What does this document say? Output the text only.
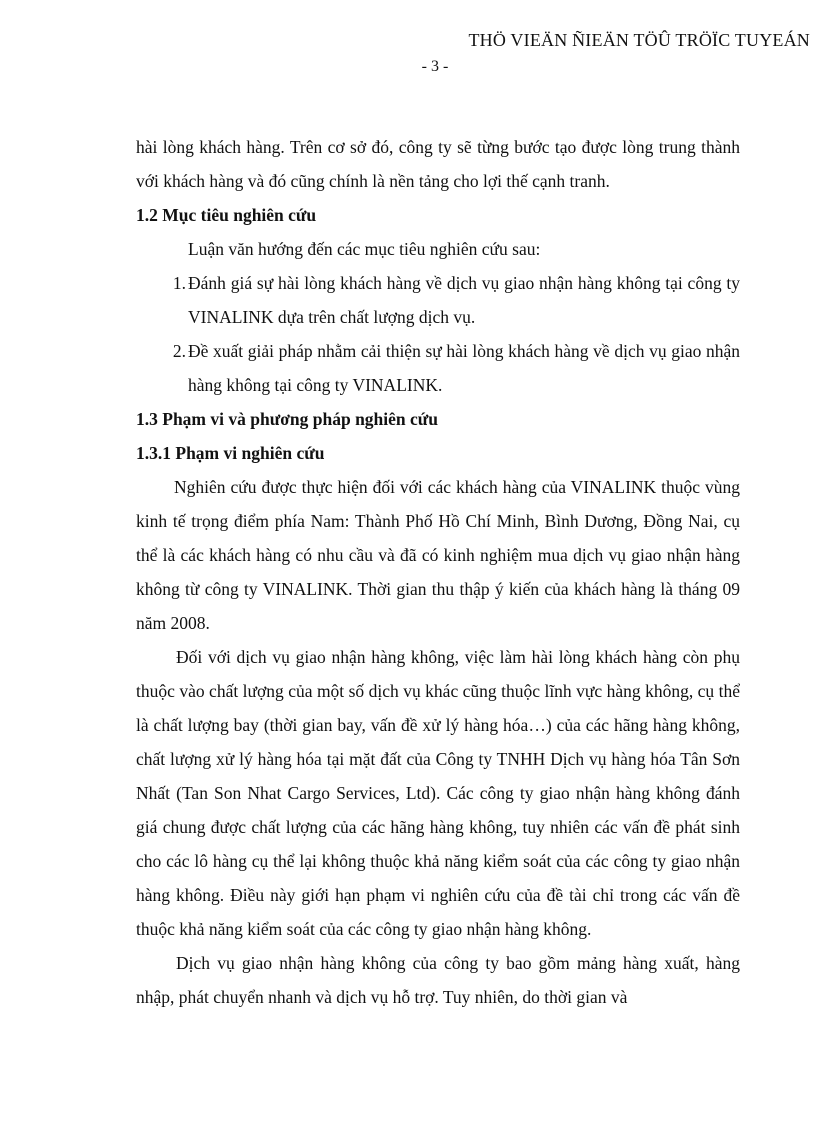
THÖ VIEÄN ÑIEÄN TÖÛ TRÖÏC TUYEÁN
- 3 -

hài lòng khách hàng. Trên cơ sở đó, công ty sẽ từng bước tạo được lòng trung thành với khách hàng và đó cũng chính là nền tảng cho lợi thế cạnh tranh.

1.2 Mục tiêu nghiên cứu

Luận văn hướng đến các mục tiêu nghiên cứu sau:

1. Đánh giá sự hài lòng khách hàng về dịch vụ giao nhận hàng không tại công ty VINALINK dựa trên chất lượng dịch vụ.
2. Đề xuất giải pháp nhằm cải thiện sự hài lòng khách hàng về dịch vụ giao nhận hàng không tại công ty VINALINK.

1.3 Phạm vi và phương pháp nghiên cứu

1.3.1 Phạm vi nghiên cứu

Nghiên cứu được thực hiện đối với các khách hàng của VINALINK thuộc vùng kinh tế trọng điểm phía Nam: Thành Phố Hồ Chí Minh, Bình Dương, Đồng Nai, cụ thể là các khách hàng có nhu cầu và đã có kinh nghiệm mua dịch vụ giao nhận hàng không từ công ty VINALINK. Thời gian thu thập ý kiến của khách hàng là tháng 09 năm 2008.

Đối với dịch vụ giao nhận hàng không, việc làm hài lòng khách hàng còn phụ thuộc vào chất lượng của một số dịch vụ khác cũng thuộc lĩnh vực hàng không, cụ thể là chất lượng bay (thời gian bay, vấn đề xử lý hàng hóa…) của các hãng hàng không, chất lượng xử lý hàng hóa tại mặt đất của Công ty TNHH Dịch vụ hàng hóa Tân Sơn Nhất (Tan Son Nhat Cargo Services, Ltd). Các công ty giao nhận hàng không đánh giá chung được chất lượng của các hãng hàng không, tuy nhiên các vấn đề phát sinh cho các lô hàng cụ thể lại không thuộc khả năng kiểm soát của các công ty giao nhận hàng không. Điều này giới hạn phạm vi nghiên cứu của đề tài chỉ trong các vấn đề thuộc khả năng kiểm soát của các công ty giao nhận hàng không.

Dịch vụ giao nhận hàng không của công ty bao gồm mảng hàng xuất, hàng nhập, phát chuyển nhanh và dịch vụ hỗ trợ. Tuy nhiên, do thời gian và
